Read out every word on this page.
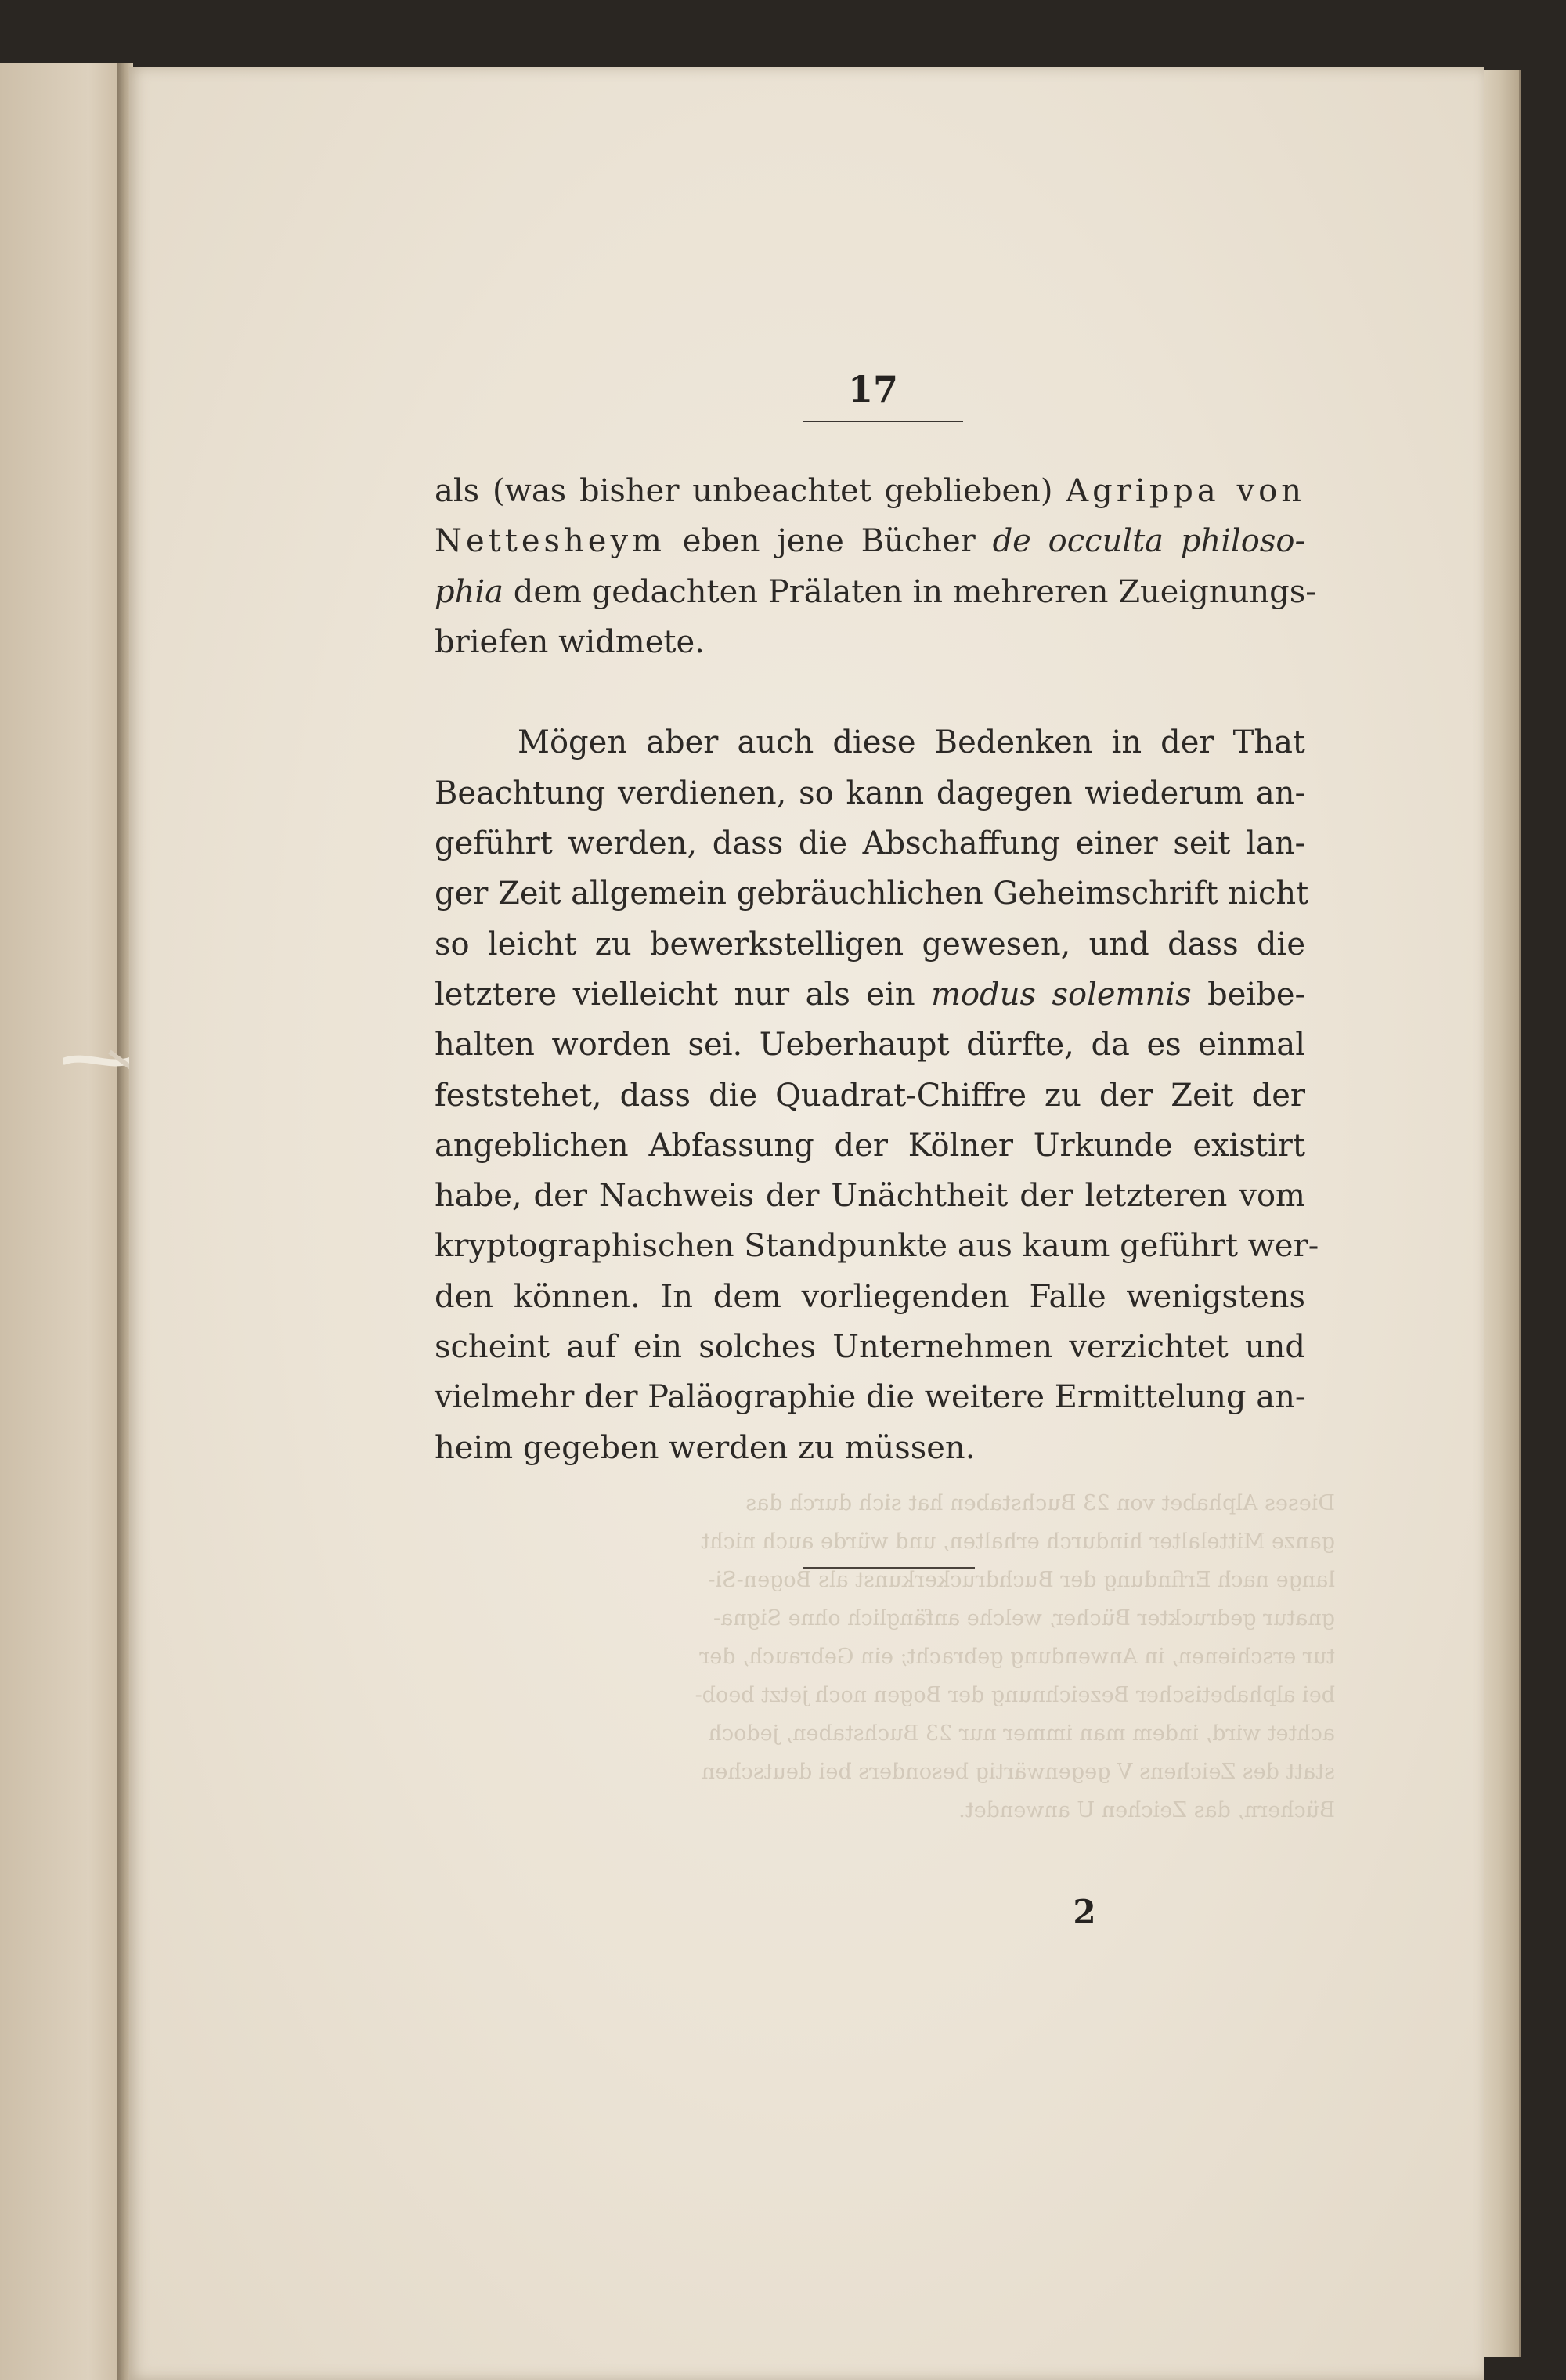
17
Dieses Alphabet von 23 Buchstaben hat sich durch das
ganze Mittelalter hindurch erhalten, und würde auch nicht
lange nach Erfindung der Buchdruckerkunst als Bogen-Si-
gnatur gedruckter Bücher, welche anfänglich ohne Signa-
tur erschienen, in Anwendung gebracht; ein Gebrauch, der
bei alphabetischer Bezeichnung der Bogen noch jetzt beob-
achtet wird, indem man immer nur 23 Buchstaben, jedoch
statt des Zeichens V gegenwärtig besonders bei deutschen
Büchern, das Zeichen U anwendet.
als (was bisher unbeachtet geblieben) Agrippa von
Nettesheym eben jene Bücher de occulta philoso-
phia dem gedachten Prälaten in mehreren Zueignungs-
briefen widmete.
Mögen aber auch diese Bedenken in der That
Beachtung verdienen, so kann dagegen wiederum an-
geführt werden, dass die Abschaffung einer seit lan-
ger Zeit allgemein gebräuchlichen Geheimschrift nicht
so leicht zu bewerkstelligen gewesen, und dass die
letztere vielleicht nur als ein modus solemnis beibe-
halten worden sei. Ueberhaupt dürfte, da es einmal
feststehet, dass die Quadrat-Chiffre zu der Zeit der
angeblichen Abfassung der Kölner Urkunde existirt
habe, der Nachweis der Unächtheit der letzteren vom
kryptographischen Standpunkte aus kaum geführt wer-
den können. In dem vorliegenden Falle wenigstens
scheint auf ein solches Unternehmen verzichtet und
vielmehr der Paläographie die weitere Ermittelung an-
heim gegeben werden zu müssen.
2
